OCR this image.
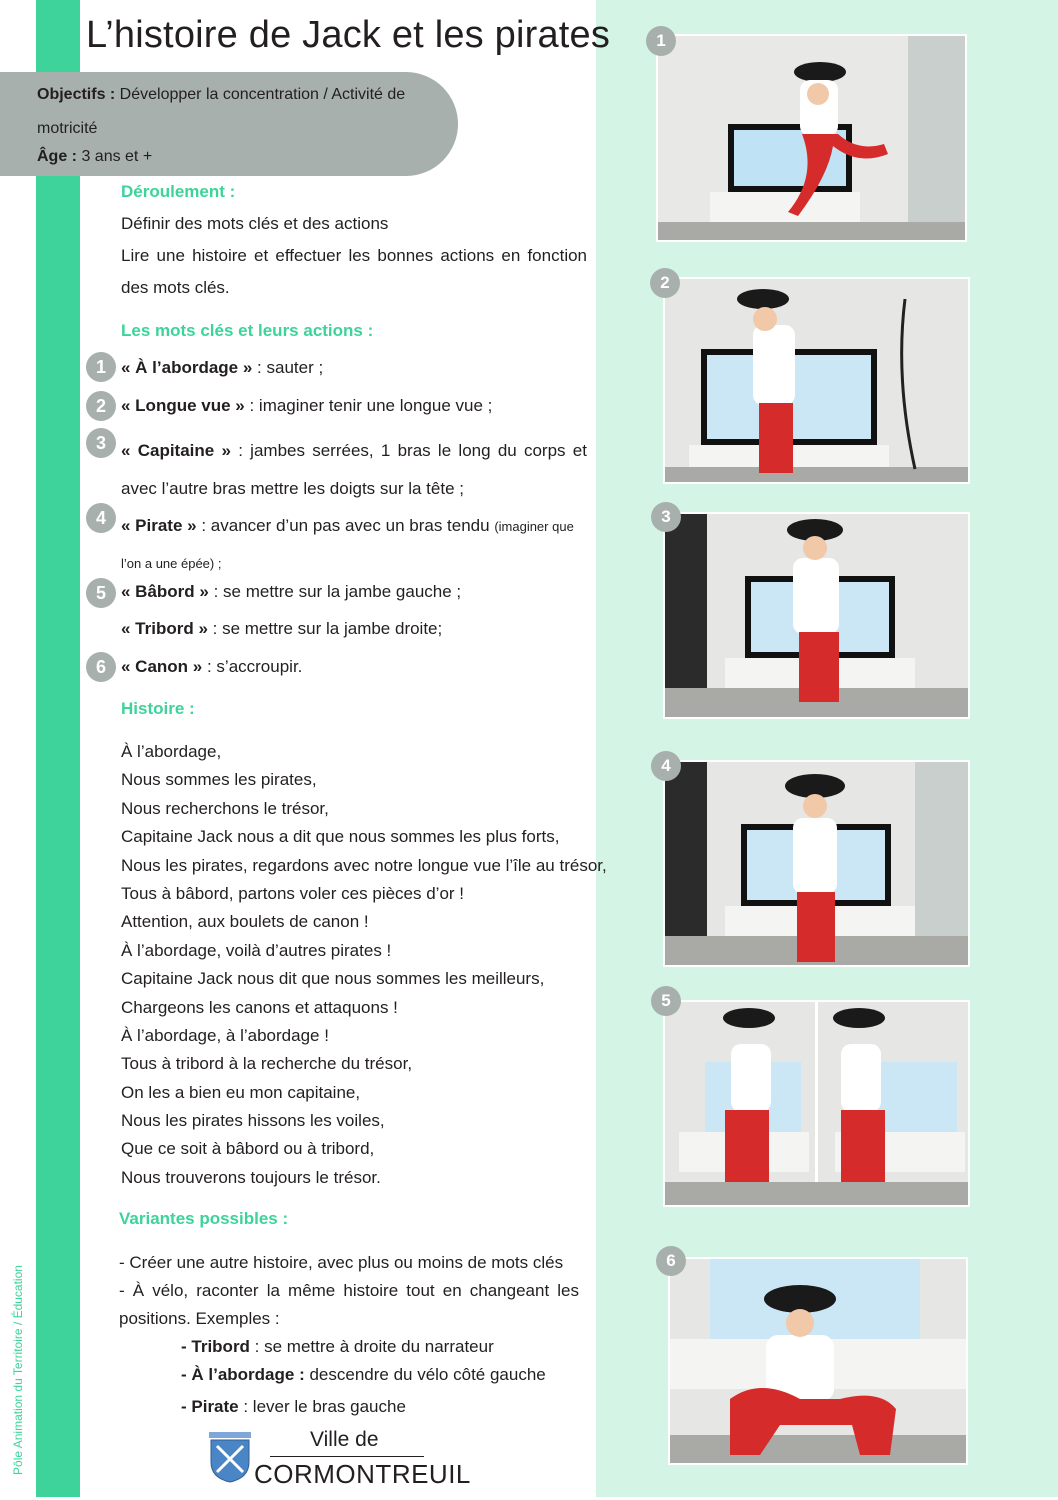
Pôle Animation du Territoire / Éducation
L’histoire de Jack et les pirates
Objectifs : Développer la concentration / Activité de
motricité
Âge : 3 ans et +
Déroulement :
Définir des mots clés et des actions
Lire une histoire et effectuer les bonnes actions en fonction des mots clés.
Les mots clés et leurs actions :
1 « À l’abordage » : sauter ;
2 « Longue vue » : imaginer tenir une longue vue ;
3 « Capitaine » : jambes serrées, 1 bras le long du corps et avec l’autre bras mettre les doigts sur la tête ;
4 « Pirate » : avancer d’un pas avec un bras tendu (imaginer que l’on a une épée) ;
5 « Bâbord » : se mettre sur la jambe gauche ;
« Tribord » : se mettre sur la jambe droite;
6 « Canon » : s’accroupir.
Histoire :
À l’abordage,
Nous sommes les pirates,
Nous recherchons le trésor,
Capitaine Jack nous a dit que nous sommes les plus forts,
Nous les pirates, regardons avec notre longue vue l’île au trésor,
Tous à bâbord, partons voler ces pièces d’or !
Attention, aux boulets de canon !
À l’abordage, voilà d’autres pirates !
Capitaine Jack nous dit que nous sommes les meilleurs,
Chargeons les canons et attaquons !
À l’abordage, à l’abordage !
Tous à tribord à la recherche du trésor,
On les a bien eu mon capitaine,
Nous les pirates hissons les voiles,
Que ce soit à bâbord ou à tribord,
Nous trouverons toujours le trésor.
Variantes possibles :
- Créer une autre histoire, avec plus ou moins de mots clés
- À vélo, raconter la même histoire tout en changeant les positions. Exemples :
- Tribord : se mettre à droite du narrateur
- À l’abordage : descendre du vélo côté gauche
- Pirate : lever le bras gauche
Ville de
CORMONTREUIL
1
2
3
4
5
6
